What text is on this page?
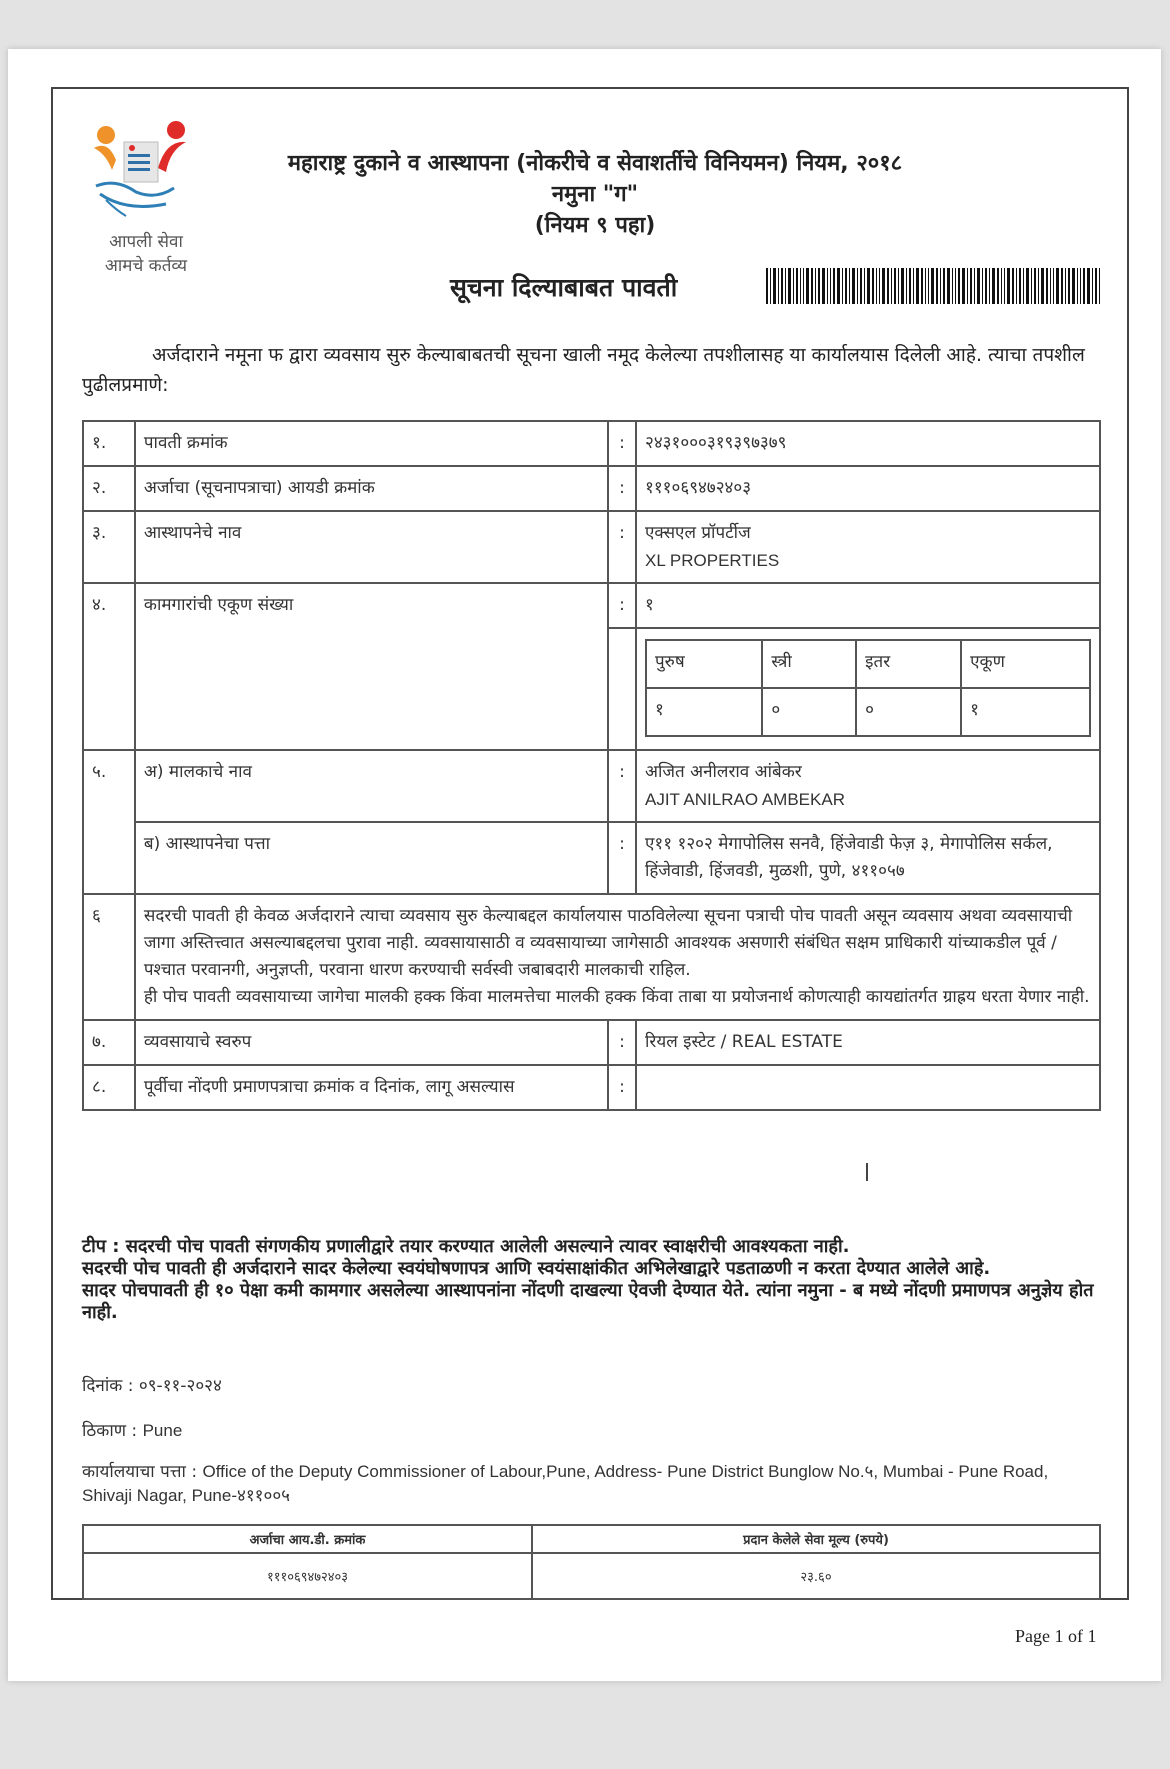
आपली सेवा
आमचे कर्तव्य
महाराष्ट्र दुकाने व आस्थापना (नोकरीचे व सेवाशर्तीचे विनियमन) नियम, २०१८
नमुना "ग"
(नियम ९ पहा)
सूचना दिल्याबाबत पावती
अर्जदाराने नमूना फ द्वारा व्यवसाय सुरु केल्याबाबतची सूचना खाली नमूद केलेल्या तपशीलासह या कार्यालयास दिलेली आहे. त्याचा तपशील पुढीलप्रमाणे:
१.	पावती क्रमांक	:	२४३१०००३१९३९७३७९
२.	अर्जाचा (सूचनापत्राचा) आयडी क्रमांक	:	१११०६९४७२४०३
३.	आस्थापनेचे नाव	:	एक्सएल प्रॉपर्टीज
XL PROPERTIES

४.	कामगारांची एकूण संख्या	:	१

पुरुष	स्त्री	इतर	एकूण
१	०	०	१

५.	अ) मालकाचे नाव	:	अजित अनीलराव आंबेकर
AJIT ANILRAO AMBEKAR

ब) आस्थापनेचा पत्ता	:	ए११ १२०२ मेगापोलिस सनवै, हिंजेवाडी फेज़ ३, मेगापोलिस सर्कल, हिंजेवाडी, हिंजवडी, मुळशी, पुणे, ४११०५७
६	सदरची पावती ही केवळ अर्जदाराने त्याचा व्यवसाय सुरु केल्याबद्दल कार्यालयास पाठविलेल्या सूचना पत्राची पोच पावती असून व्यवसाय अथवा व्यवसायाची जागा अस्तित्त्वात असल्याबद्दलचा पुरावा नाही. व्यवसायासाठी व व्यवसायाच्या जागेसाठी आवश्यक असणारी संबंधित सक्षम प्राधिकारी यांच्याकडील पूर्व / पश्चात परवानगी, अनुज्ञप्ती, परवाना धारण करण्याची सर्वस्वी जबाबदारी मालकाची राहिल.
ही पोच पावती व्यवसायाच्या जागेचा मालकी हक्क किंवा मालमत्तेचा मालकी हक्क किंवा ताबा या प्रयोजनार्थ कोणत्याही कायद्यांतर्गत ग्राह्रय धरता येणार नाही.

७.	व्यवसायाचे स्वरुप	:	रियल इस्टेट / REAL ESTATE
८.	पूर्वीचा नोंदणी प्रमाणपत्राचा क्रमांक व दिनांक, लागू असल्यास	:	
टीप : सदरची पोच पावती संगणकीय प्रणालीद्वारे तयार करण्यात आलेली असल्याने त्यावर स्वाक्षरीची आवश्यकता नाही.
सदरची पोच पावती ही अर्जदाराने सादर केलेल्या स्वयंघोषणापत्र आणि स्वयंसाक्षांकीत अभिलेखाद्वारे पडताळणी न करता देण्यात आलेले आहे.
सादर पोचपावती ही १० पेक्षा कमी कामगार असलेल्या आस्थापनांना नोंदणी दाखल्या ऐवजी देण्यात येते. त्यांना नमुना - ब मध्ये नोंदणी प्रमाणपत्र अनुज्ञेय होत नाही.
दिनांक : ०९-११-२०२४
ठिकाण : Pune
कार्यालयाचा पत्ता : Office of the Deputy Commissioner of Labour,Pune, Address- Pune District Bunglow No.५, Mumbai - Pune Road, Shivaji Nagar, Pune-४११००५
अर्जाचा आय.डी. क्रमांक	प्रदान केलेले सेवा मूल्य (रुपये)
१११०६९४७२४०३	२३.६०
Page 1 of 1
